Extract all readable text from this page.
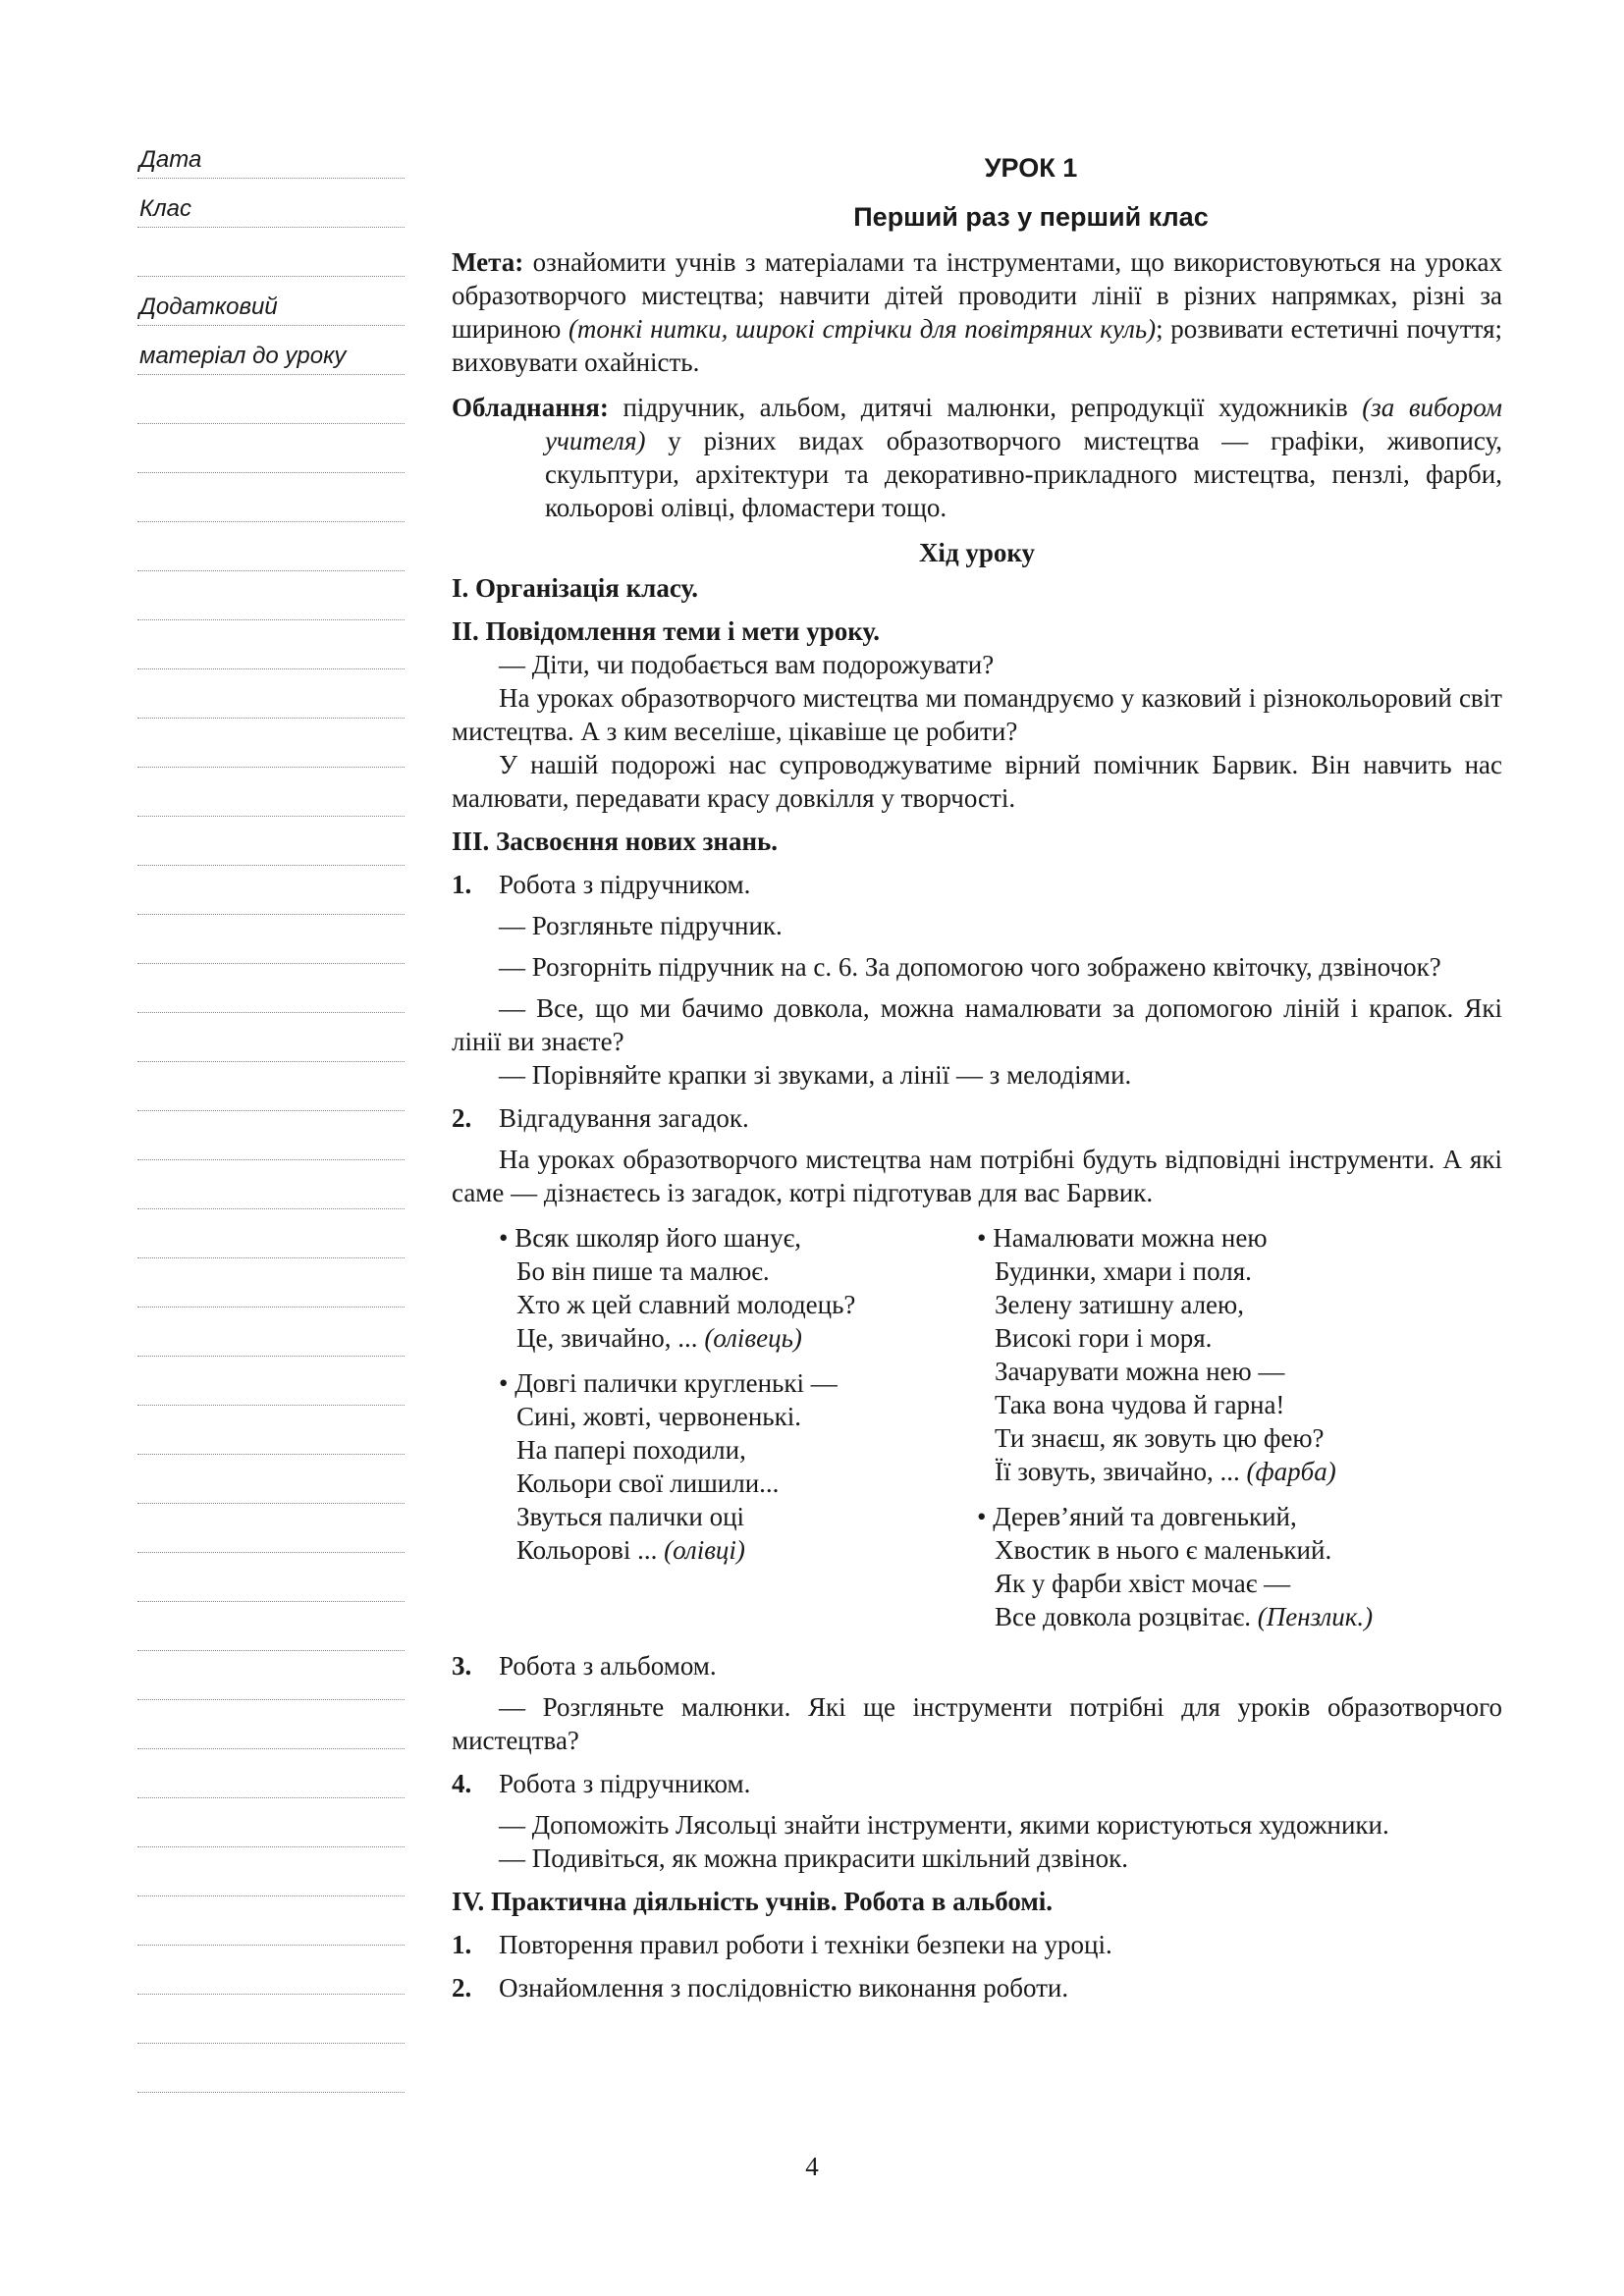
Дата
Клас
Додатковий
матеріал до уроку
УРОК 1
Перший раз у перший клас

Мета: ознайомити учнів з матеріалами та інструментами, що використовуються на уроках образотворчого мистецтва; навчити дітей проводити лінії в різних напрямках, різні за шириною (тонкі нитки, широкі стрічки для повітряних куль); розвивати естетичні почуття; виховувати охайність.

Обладнання: підручник, альбом, дитячі малюнки, репродукції художників (за вибором учителя) у різних видах образотворчого мистецтва — графіки, живопису, скульптури, архітектури та декоративно-прикладного мистецтва, пензлі, фарби, кольорові олівці, фломастери тощо.

Хід уроку
I. Організація класу.
II. Повідомлення теми і мети уроку.

— Діти, чи подобається вам подорожувати?

На уроках образотворчого мистецтва ми помандруємо у казковий і різнокольоровий світ мистецтва. А з ким веселіше, цікавіше це робити?

У нашій подорожі нас супроводжуватиме вірний помічник Барвик. Він навчить нас малювати, передавати красу довкілля у творчості.

III. Засвоєння нових знань.

1. Робота з підручником.

— Розгляньте підручник.

— Розгорніть підручник на с. 6. За допомогою чого зображено квіточку, дзвіночок?

— Все, що ми бачимо довкола, можна намалювати за допомогою ліній і крапок. Які лінії ви знаєте?

— Порівняйте крапки зі звуками, а лінії — з мелодіями.

2. Відгадування загадок.

На уроках образотворчого мистецтва нам потрібні будуть відповідні інструменти. А які саме — дізнаєтесь із загадок, котрі підготував для вас Барвик.

• Всяк школяр його шанує,
Бо він пише та малює.
Хто ж цей славний молодець?
Це, звичайно, ... (олівець)
• Довгі палички кругленькі —
Сині, жовті, червоненькі.
На папері походили,
Кольори свої лишили...
Звуться палички оці
Кольорові ... (олівці)
• Намалювати можна нею
Будинки, хмари і поля.
Зелену затишну алею,
Високі гори і моря.
Зачарувати можна нею —
Така вона чудова й гарна!
Ти знаєш, як зовуть цю фею?
Її зовуть, звичайно, ... (фарба)
• Дерев’яний та довгенький,
Хвостик в нього є маленький.
Як у фарби хвіст мочає —
Все довкола розцвітає. (Пензлик.)

3. Робота з альбомом.

— Розгляньте малюнки. Які ще інструменти потрібні для уроків образотворчого мистецтва?

4. Робота з підручником.

— Допоможіть Лясольці знайти інструменти, якими користуються художники.

— Подивіться, як можна прикрасити шкільний дзвінок.

IV. Практична діяльність учнів. Робота в альбомі.

1. Повторення правил роботи і техніки безпеки на уроці.

2. Ознайомлення з послідовністю виконання роботи.

4
